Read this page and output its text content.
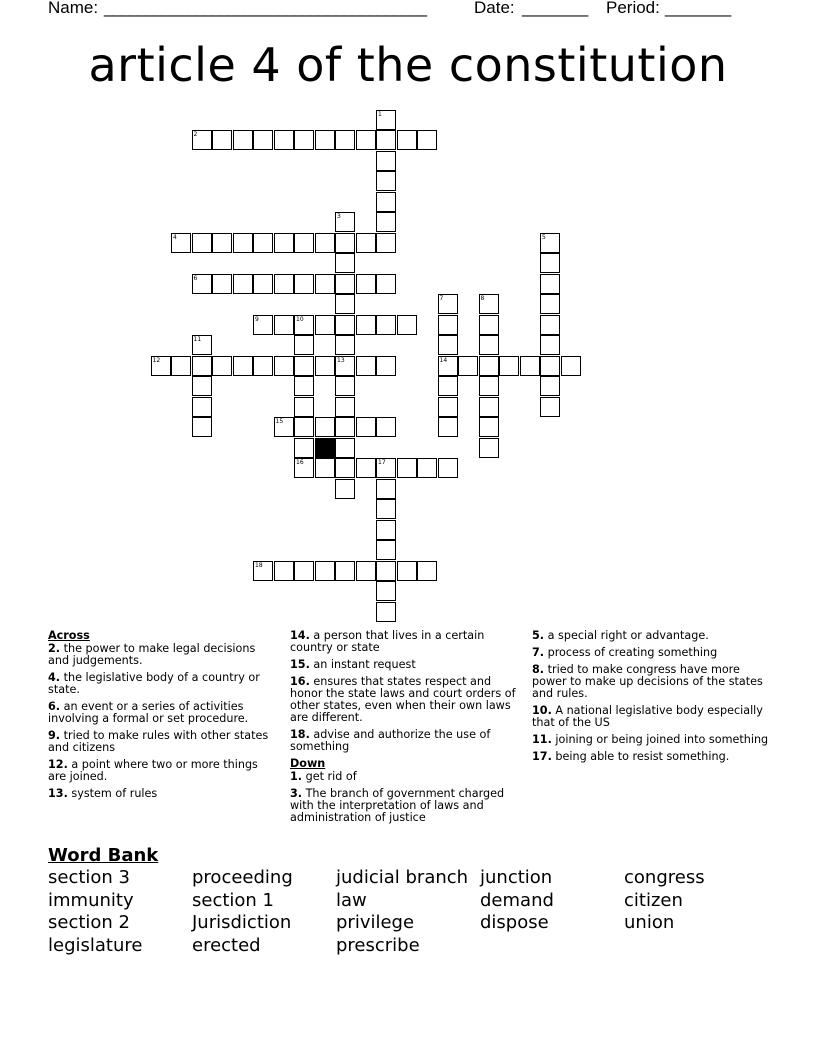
Name: _______________________________________	Date: _______ Period: _______
article 4 of the constitution
1
2
3
13
4	5
6
7
14
8
9	10
16
11
12
15
17
18
Across
2. the power to make legal decisions and judgements.
4. the legislative body of a country or state.
6. an event or a series of activities involving a formal or set procedure.
9. tried to make rules with other states and citizens
12. a point where two or more things are joined.
13. system of rules
14. a person that lives in a certain country or state
15. an instant request
16. ensures that states respect and honor the state laws and court orders of other states, even when their own laws are different.
18. advise and authorize the use of something
Down
1. get rid of
3. The branch of government charged with the interpretation of laws and administration of justice
5. a special right or advantage.
7. process of creating something
8. tried to make congress have more power to make up decisions of the states and rules.
10. A national legislative body especially that of the US
11. joining or being joined into something
17. being able to resist something.
Word Bank
section 3
immunity
section 2
legislature
proceeding
section 1
Jurisdiction
erected
judicial branch
law
privilege
prescribe
junction
demand
dispose
congress
citizen
union
